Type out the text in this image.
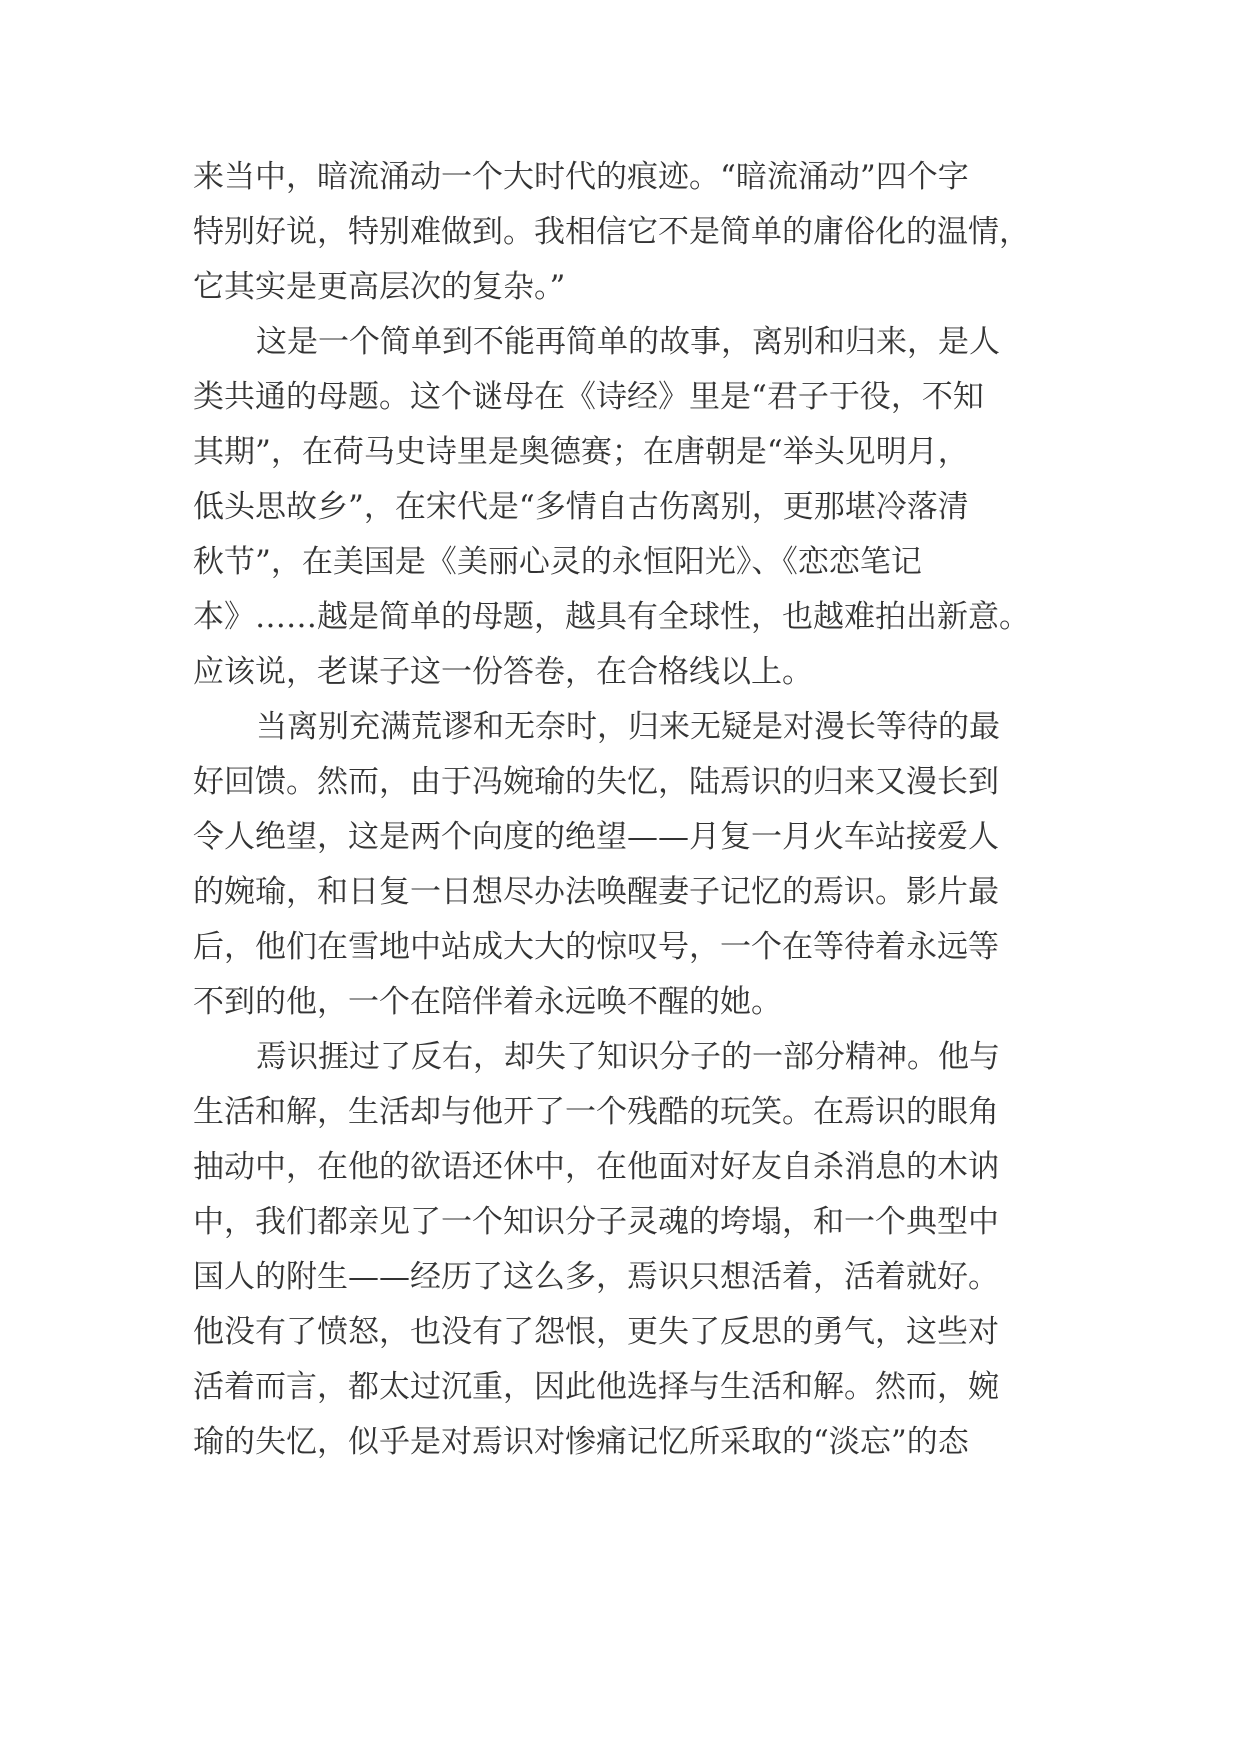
来当中，暗流涌动一个大时代的痕迹。“暗流涌动”四个字

特别好说，特别难做到。我相信它不是简单的庸俗化的温情，

它其实是更高层次的复杂。”

这是一个简单到不能再简单的故事，离别和归来，是人

类共通的母题。这个谜母在《诗经》里是“君子于役，不知

其期”，在荷马史诗里是奥德赛；在唐朝是“举头见明月，

低头思故乡”，在宋代是“多情自古伤离别，更那堪冷落清

秋节”，在美国是《美丽心灵的永恒阳光》、《恋恋笔记

本》……越是简单的母题，越具有全球性，也越难拍出新意。

应该说，老谋子这一份答卷，在合格线以上。

当离别充满荒谬和无奈时，归来无疑是对漫长等待的最

好回馈。然而，由于冯婉瑜的失忆，陆焉识的归来又漫长到

令人绝望，这是两个向度的绝望——月复一月火车站接爱人

的婉瑜，和日复一日想尽办法唤醒妻子记忆的焉识。影片最

后，他们在雪地中站成大大的惊叹号，一个在等待着永远等

不到的他，一个在陪伴着永远唤不醒的她。

焉识捱过了反右，却失了知识分子的一部分精神。他与

生活和解，生活却与他开了一个残酷的玩笑。在焉识的眼角

抽动中，在他的欲语还休中，在他面对好友自杀消息的木讷

中，我们都亲见了一个知识分子灵魂的垮塌，和一个典型中

国人的附生——经历了这么多，焉识只想活着，活着就好。

他没有了愤怒，也没有了怨恨，更失了反思的勇气，这些对

活着而言，都太过沉重，因此他选择与生活和解。然而，婉

瑜的失忆，似乎是对焉识对惨痛记忆所采取的“淡忘”的态
